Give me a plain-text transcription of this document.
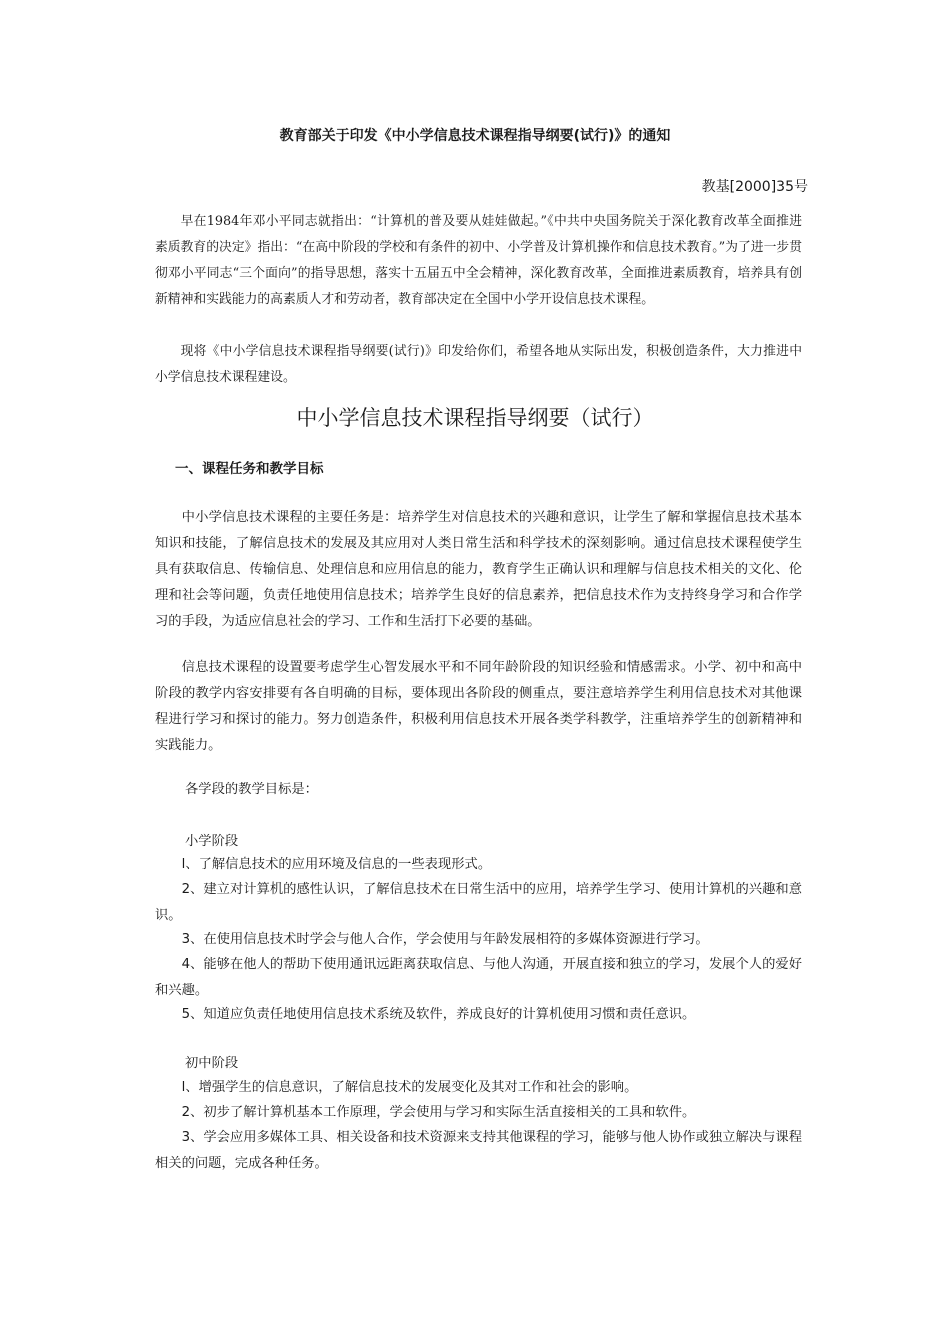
教育部关于印发《中小学信息技术课程指导纲要(试行)》的通知
教基[2000]35号

早在1984年邓小平同志就指出：“计算机的普及要从娃娃做起。”《中共中央国务院关于深化教育改革全面推进素质教育的决定》指出：“在高中阶段的学校和有条件的初中、小学普及计算机操作和信息技术教育。”为了进一步贯彻邓小平同志“三个面向”的指导思想，落实十五届五中全会精神，深化教育改革，全面推进素质教育，培养具有创新精神和实践能力的高素质人才和劳动者，教育部决定在全国中小学开设信息技术课程。

现将《中小学信息技术课程指导纲要(试行)》印发给你们，希望各地从实际出发，积极创造条件，大力推进中小学信息技术课程建设。

中小学信息技术课程指导纲要（试行）
一、课程任务和教学目标

中小学信息技术课程的主要任务是：培养学生对信息技术的兴趣和意识，让学生了解和掌握信息技术基本知识和技能，了解信息技术的发展及其应用对人类日常生活和科学技术的深刻影响。通过信息技术课程使学生具有获取信息、传输信息、处理信息和应用信息的能力，教育学生正确认识和理解与信息技术相关的文化、伦理和社会等问题，负责任地使用信息技术；培养学生良好的信息素养，把信息技术作为支持终身学习和合作学习的手段，为适应信息社会的学习、工作和生活打下必要的基础。

信息技术课程的设置要考虑学生心智发展水平和不同年龄阶段的知识经验和情感需求。小学、初中和高中阶段的教学内容安排要有各自明确的目标，要体现出各阶段的侧重点，要注意培养学生利用信息技术对其他课程进行学习和探讨的能力。努力创造条件，积极利用信息技术开展各类学科教学，注重培养学生的创新精神和实践能力。

各学段的教学目标是：

小学阶段

l、了解信息技术的应用环境及信息的一些表现形式。

2、建立对计算机的感性认识，了解信息技术在日常生活中的应用，培养学生学习、使用计算机的兴趣和意识。

3、在使用信息技术时学会与他人合作，学会使用与年龄发展相符的多媒体资源进行学习。

4、能够在他人的帮助下使用通讯远距离获取信息、与他人沟通，开展直接和独立的学习，发展个人的爱好和兴趣。

5、知道应负责任地使用信息技术系统及软件，养成良好的计算机使用习惯和责任意识。

初中阶段

l、增强学生的信息意识，了解信息技术的发展变化及其对工作和社会的影响。

2、初步了解计算机基本工作原理，学会使用与学习和实际生活直接相关的工具和软件。

3、学会应用多媒体工具、相关设备和技术资源来支持其他课程的学习，能够与他人协作或独立解决与课程相关的问题，完成各种任务。
